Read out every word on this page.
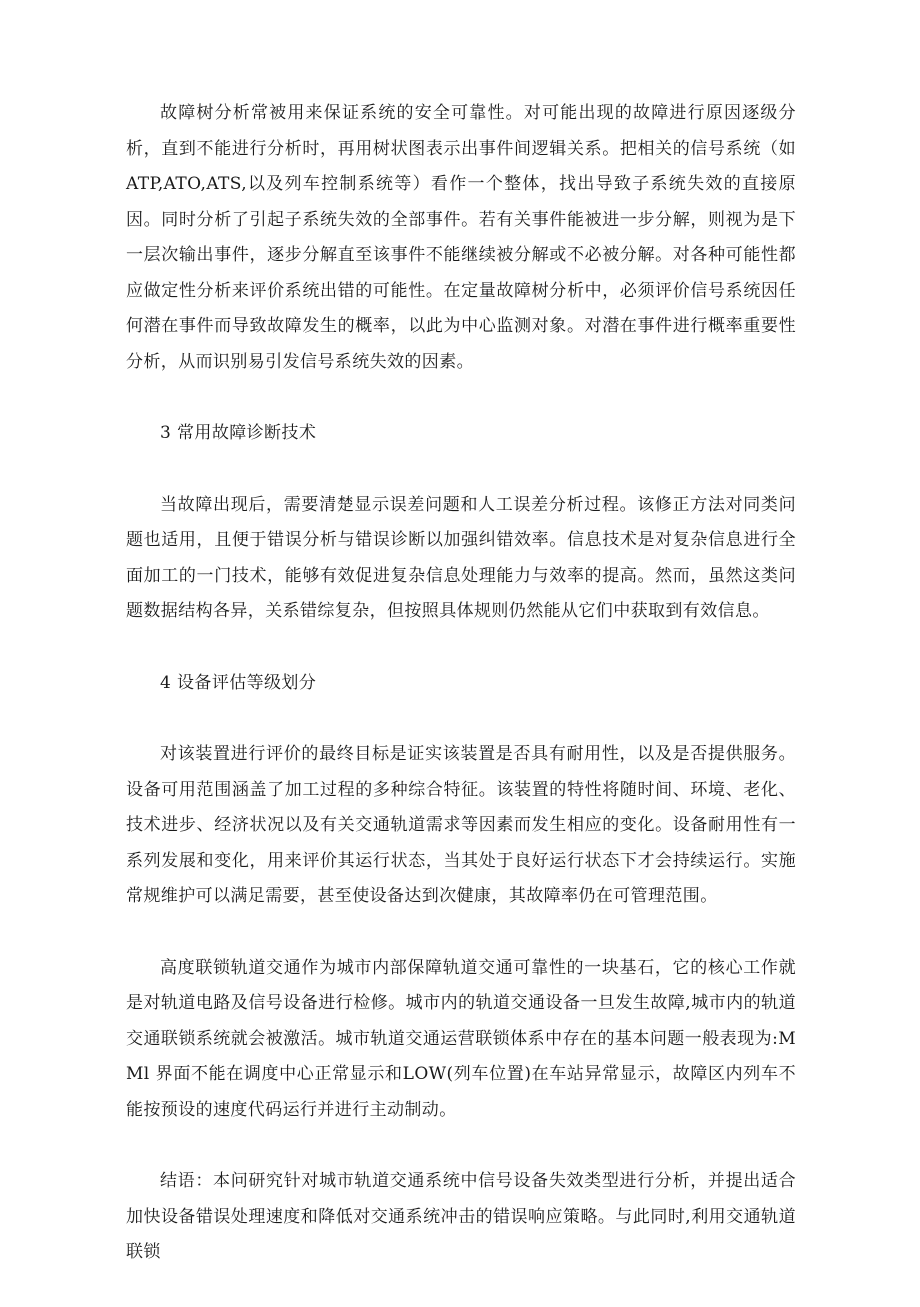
故障树分析常被用来保证系统的安全可靠性。对可能出现的故障进行原因逐级分析，直到不能进行分析时，再用树状图表示出事件间逻辑关系。把相关的信号系统（如ATP,ATO,ATS,以及列车控制系统等）看作一个整体，找出导致子系统失效的直接原因。同时分析了引起子系统失效的全部事件。若有关事件能被进一步分解，则视为是下一层次输出事件，逐步分解直至该事件不能继续被分解或不必被分解。对各种可能性都应做定性分析来评价系统出错的可能性。在定量故障树分析中，必须评价信号系统因任何潜在事件而导致故障发生的概率，以此为中心监测对象。对潜在事件进行概率重要性分析，从而识别易引发信号系统失效的因素。

3 常用故障诊断技术

当故障出现后，需要清楚显示误差问题和人工误差分析过程。该修正方法对同类问题也适用，且便于错误分析与错误诊断以加强纠错效率。信息技术是对复杂信息进行全面加工的一门技术，能够有效促进复杂信息处理能力与效率的提高。然而，虽然这类问题数据结构各异，关系错综复杂，但按照具体规则仍然能从它们中获取到有效信息。

4 设备评估等级划分

对该装置进行评价的最终目标是证实该装置是否具有耐用性，以及是否提供服务。设备可用范围涵盖了加工过程的多种综合特征。该装置的特性将随时间、环境、老化、技术进步、经济状况以及有关交通轨道需求等因素而发生相应的变化。设备耐用性有一系列发展和变化，用来评价其运行状态，当其处于良好运行状态下才会持续运行。实施常规维护可以满足需要，甚至使设备达到次健康，其故障率仍在可管理范围。

高度联锁轨道交通作为城市内部保障轨道交通可靠性的一块基石，它的核心工作就是对轨道电路及信号设备进行检修。城市内的轨道交通设备一旦发生故障,城市内的轨道交通联锁系统就会被激活。城市轨道交通运营联锁体系中存在的基本问题一般表现为:MMl 界面不能在调度中心正常显示和LOW(列车位置)在车站异常显示，故障区内列车不能按预设的速度代码运行并进行主动制动。

结语：本问研究针对城市轨道交通系统中信号设备失效类型进行分析，并提出适合加快设备错误处理速度和降低对交通系统冲击的错误响应策略。与此同时,利用交通轨道联锁
